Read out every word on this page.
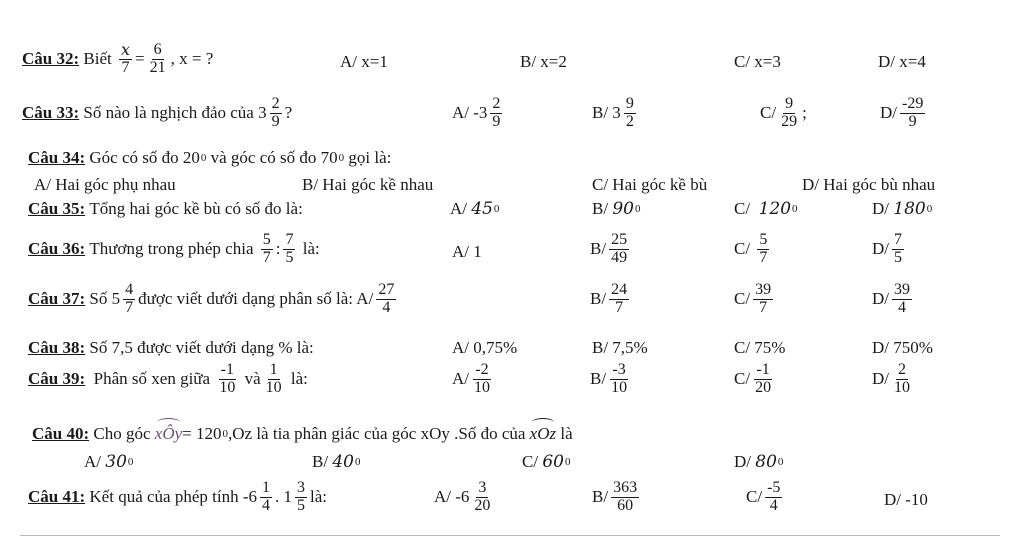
Câu 32:
Biết
$\frac{x}{7} = \frac{6}{21}$ , x = ?	A/ x=1	B/ x=2	C/ x=3	D/ x=4
Câu 33:
Số nào là nghịch đảo của
$3 \frac{2}{9}$ ?	A/ $-3 \frac{2}{9}$	B/ $3 \frac{9}{2}$	$C/ \frac{9}{29}$ ;	$D/ \frac{-29}{9}$
Câu 34:
Góc có số đo
20 0
và góc có số đo
70 0
gọi là:
A/ Hai góc phụ nhau	B/ Hai góc kề nhau	C/ Hai góc kề bù	D/ Hai góc bù nhau
Câu 35:
Tổng hai góc kề bù có số đo là:	A/
45 0	B/
90 0	C/
120 0	D/
180 0
Câu 36:
Thương trong phép chia
$\frac{5}{7}$ : $\frac{7}{5}$
là:	A/ 1	$B/ \frac{25}{49}$	C/
$\frac{5}{7}$	$D/ \frac{7}{5}$
Câu 37:
Số
$5 \frac{4}{7}$ được viết dưới dạng phân số là: $A/ \frac{27}{4}$	$B/ \frac{24}{7}$	$C/ \frac{39}{7}$	$D/ \frac{39}{4}$
Câu 38:
Số 7,5 được viết dưới dạng % là:	A/ 0,75%	B/ 7,5%	C/ 75%	D/ 750%
Câu 39:
Phân số xen giữa
$\frac{-1}{10}$
và $\frac{1}{10}$
là:	$A/ \frac{-2}{10}$	$B/ \frac{-3}{10}$	$C/ \frac{-1}{20}$	$D/ \frac{2}{10}$
Câu 40:
Cho góc
xÔy = 120 0 ,Oz là tia phân giác của góc xOy .Số đo của
xOz
là
A/
30 0	B/
40 0	C/
60 0	D/
80 0
Câu 41:
Kết quả của phép tính $-6 \frac{1}{4}$ . $1 \frac{3}{5}$ là:	A/ $-6 \frac{3}{20}$	$B/ \frac{363}{60}$	$C/ \frac{-5}{4}$	D/ -10
